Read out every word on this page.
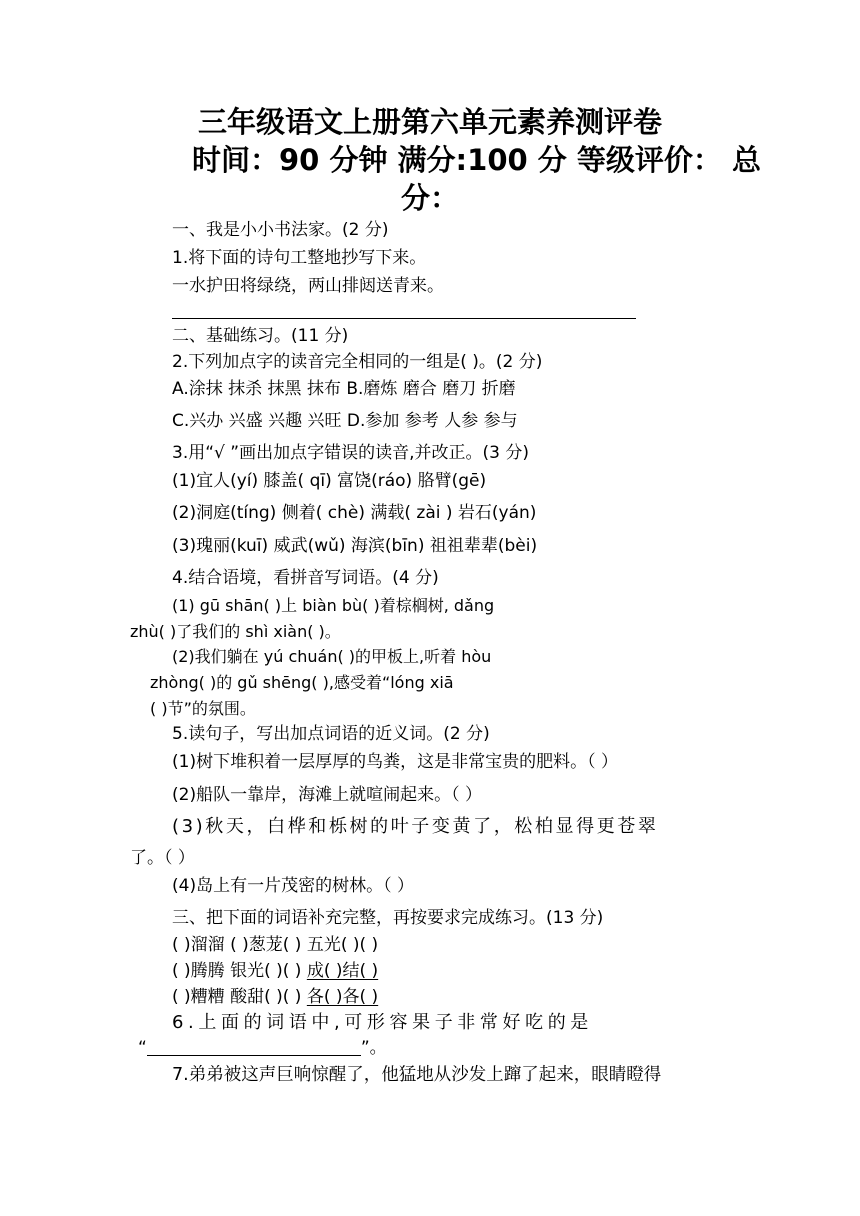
三年级语文上册第六单元素养测评卷
时间：90 分钟 满分:100 分 等级评价： 总
分：
一、我是小小书法家。(2 分)
1.将下面的诗句工整地抄写下来。
一水护田将绿绕，两山排闼送青来。
二、基础练习。(11 分)
2.下列加点字的读音完全相同的一组是( )。(2 分)
A.涂抹 抹杀 抹黑 抹布 B.磨炼 磨合 磨刀 折磨
C.兴办 兴盛 兴趣 兴旺 D.参加 参考 人参 参与
3.用“√ ”画出加点字错误的读音,并改正。(3 分)
(1)宜人(yí) 膝盖( qī) 富饶(ráo) 胳臂(gē)
(2)洞庭(tíng) 侧着( chè) 满载( zài ) 岩石(yán)
(3)瑰丽(kuī) 威武(wǔ) 海滨(bīn) 祖祖辈辈(bèi)
4.结合语境，看拼音写词语。(4 分)
(1) gū shān( )上 biàn bù( )着棕榈树, dǎng
zhù( )了我们的 shì xiàn( )。
(2)我们躺在 yú chuán( )的甲板上,听着 hòu
zhòng( )的 gǔ shēng( ),感受着“lóng xiā
( )节”的氛围。
5.读句子，写出加点词语的近义词。(2 分)
(1)树下堆积着一层厚厚的鸟粪，这是非常宝贵的肥料。（ ）
(2)船队一靠岸，海滩上就喧闹起来。（ ）
(3)秋天，白桦和栎树的叶子变黄了，松柏显得更苍翠
了。（ ）
(4)岛上有一片茂密的树林。（ ）
三、把下面的词语补充完整，再按要求完成练习。(13 分)
( )溜溜 ( )葱茏( ) 五光( )( )
( )腾腾 银光( )( ) 成( )结( )
( )糟糟 酸甜( )( ) 各( )各( )
6.上面的词语中,可形容果子非常好吃的是
“	”。
7.弟弟被这声巨响惊醒了，他猛地从沙发上蹿了起来，眼睛瞪得
